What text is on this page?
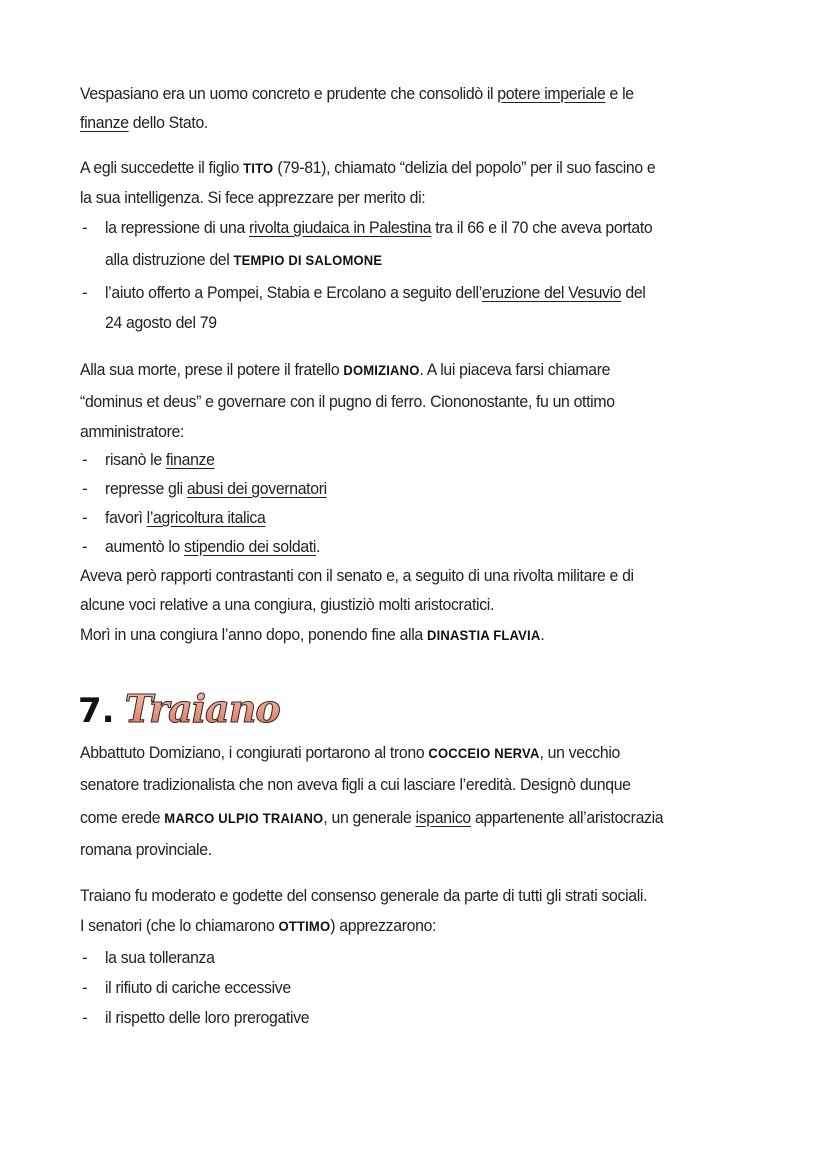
7. Traiano
Vespasiano era un uomo concreto e prudente che consolidò il potere imperiale e le
finanze dello Stato.
A egli succedette il figlio TITO (79-81), chiamato “delizia del popolo” per il suo fascino e
la sua intelligenza. Si fece apprezzare per merito di:
- la repressione di una rivolta giudaica in Palestina tra il 66 e il 70 che aveva portato
alla distruzione del TEMPIO DI SALOMONE
- l’aiuto offerto a Pompei, Stabia e Ercolano a seguito dell’eruzione del Vesuvio del
24 agosto del 79
Alla sua morte, prese il potere il fratello DOMIZIANO. A lui piaceva farsi chiamare
“dominus et deus” e governare con il pugno di ferro. Ciononostante, fu un ottimo
amministratore:
- risanò le finanze
- represse gli abusi dei governatori
- favorì l’agricoltura italica
- aumentò lo stipendio dei soldati.
Aveva però rapporti contrastanti con il senato e, a seguito di una rivolta militare e di
alcune voci relative a una congiura, giustiziò molti aristocratici.
Morì in una congiura l’anno dopo, ponendo fine alla DINASTIA FLAVIA.
Abbattuto Domiziano, i congiurati portarono al trono COCCEIO NERVA, un vecchio
senatore tradizionalista che non aveva figli a cui lasciare l’eredità. Designò dunque
come erede MARCO ULPIO TRAIANO, un generale ispanico appartenente all’aristocrazia
romana provinciale.
Traiano fu moderato e godette del consenso generale da parte di tutti gli strati sociali.
I senatori (che lo chiamarono OTTIMO) apprezzarono:
- la sua tolleranza
- il rifiuto di cariche eccessive
- il rispetto delle loro prerogative
